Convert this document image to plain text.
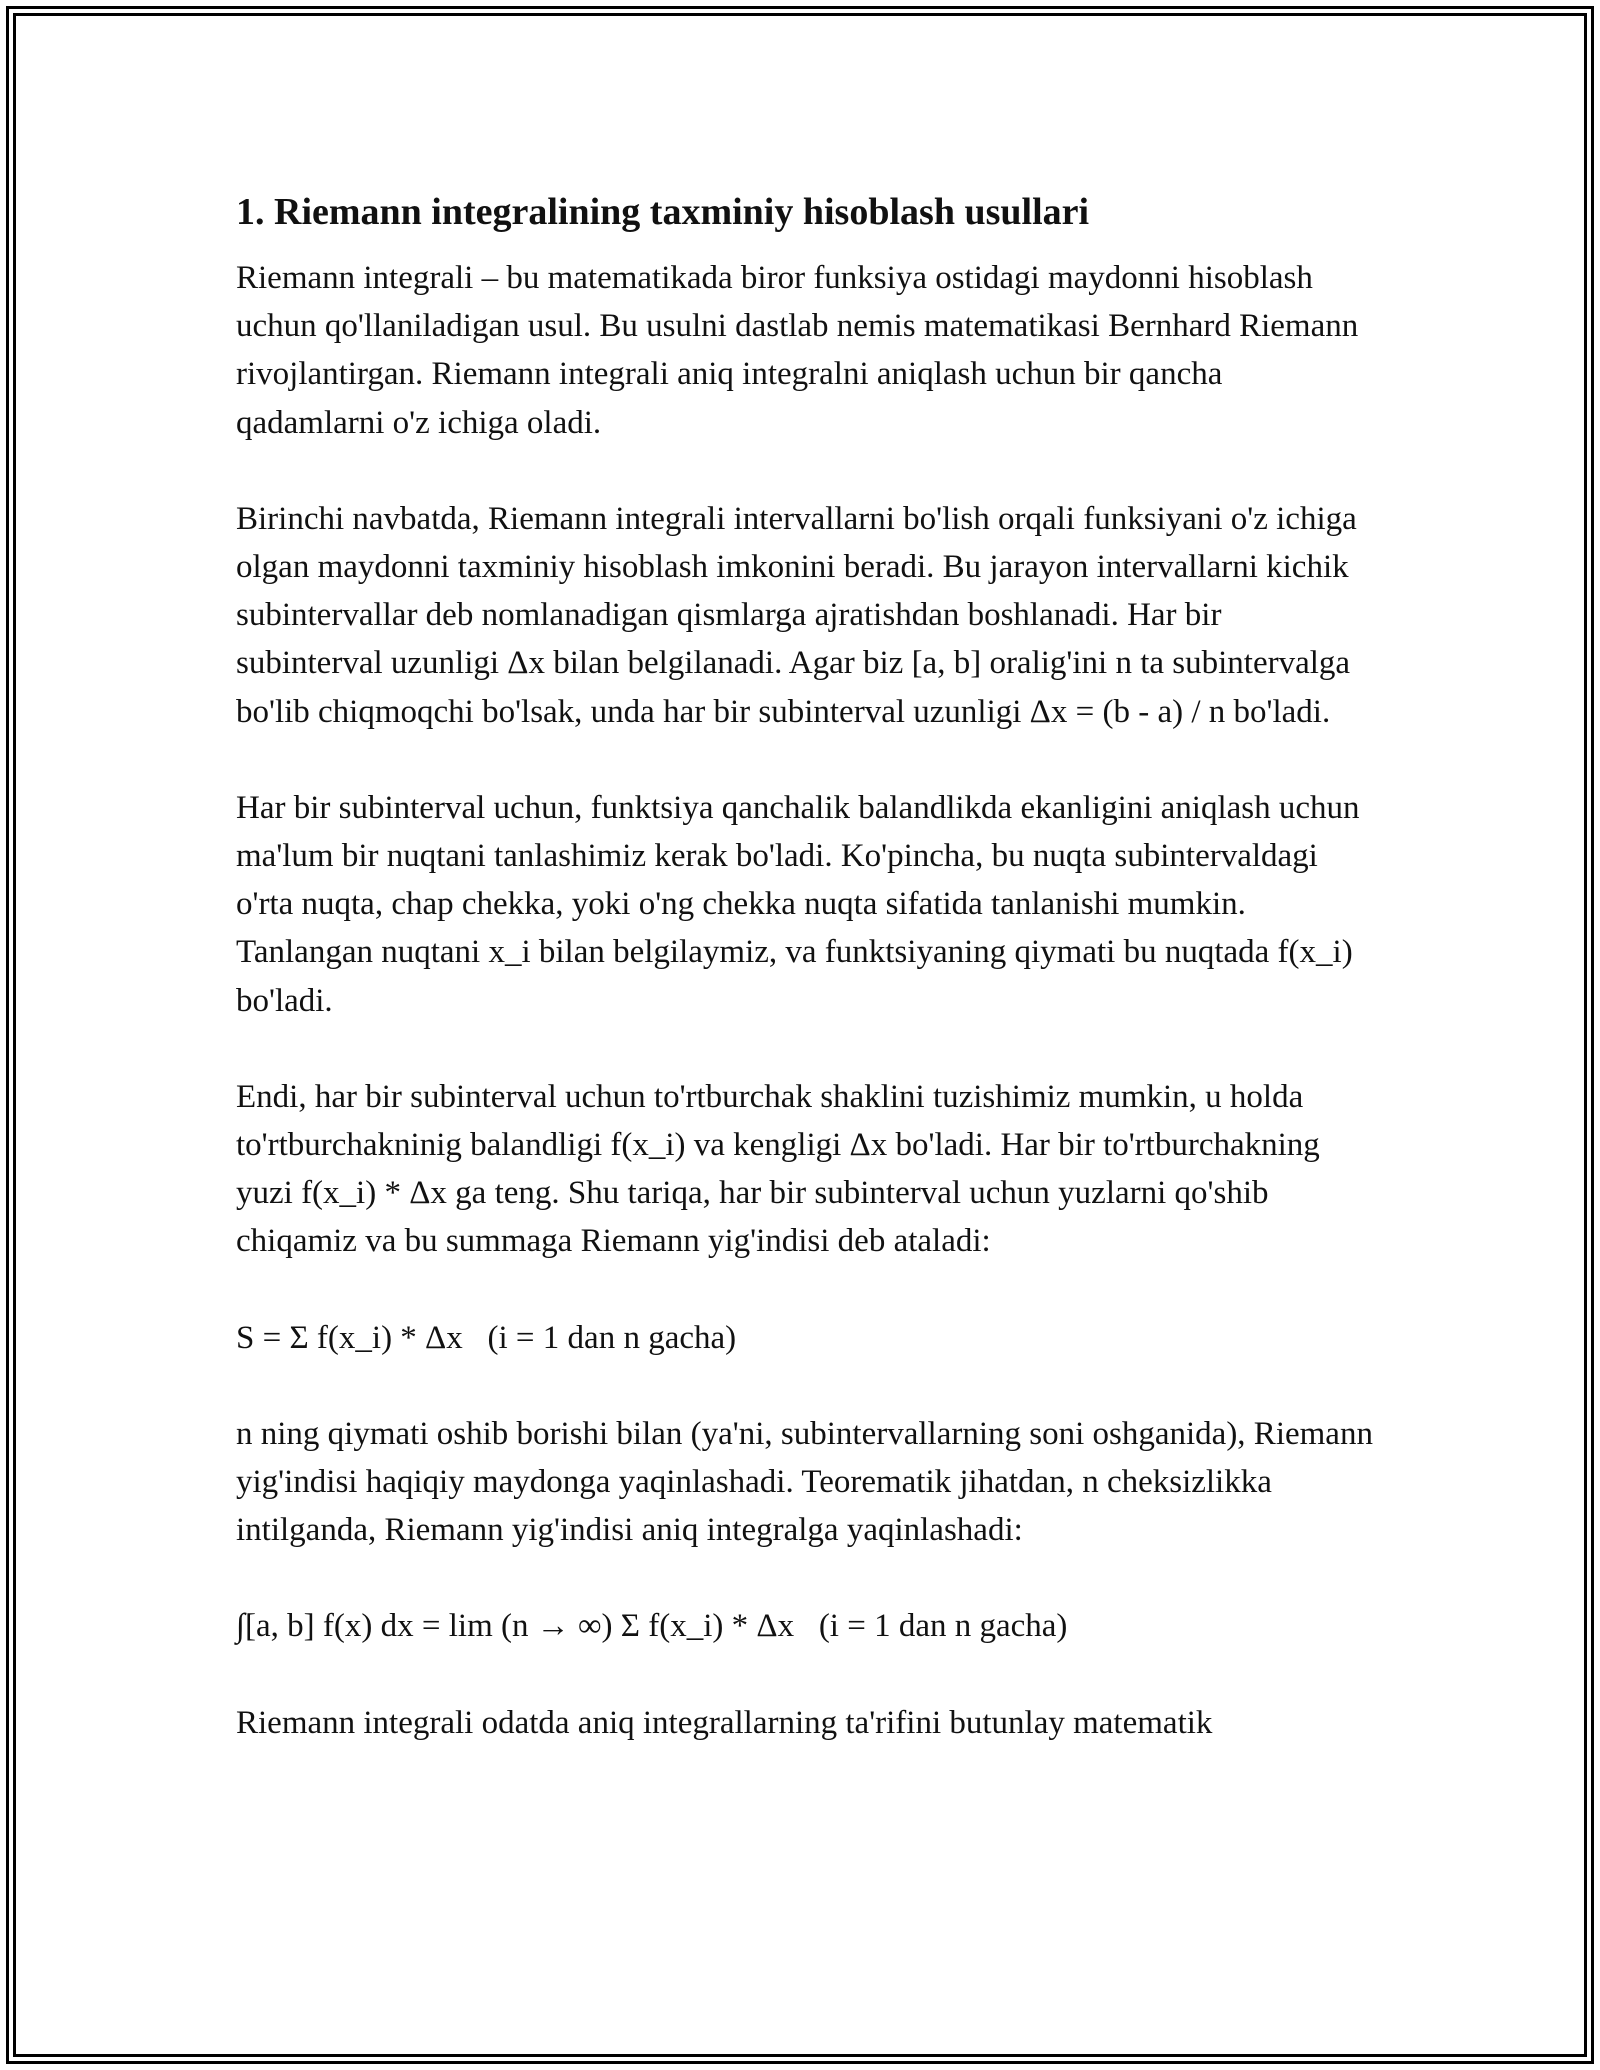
1. Riemann integralining taxminiy hisoblash usullari

Riemann integrali – bu matematikada biror funksiya ostidagi maydonni hisoblash uchun qo'llaniladigan usul. Bu usulni dastlab nemis matematikasi Bernhard Riemann rivojlantirgan. Riemann integrali aniq integralni aniqlash uchun bir qancha qadamlarni o'z ichiga oladi.

Birinchi navbatda, Riemann integrali intervallarni bo'lish orqali funksiyani o'z ichiga olgan maydonni taxminiy hisoblash imkonini beradi. Bu jarayon intervallarni kichik subintervallar deb nomlanadigan qismlarga ajratishdan boshlanadi. Har bir subinterval uzunligi Δx bilan belgilanadi. Agar biz [a, b] oralig'ini n ta subintervalga bo'lib chiqmoqchi bo'lsak, unda har bir subinterval uzunligi Δx = (b - a) / n bo'ladi.

Har bir subinterval uchun, funktsiya qanchalik balandlikda ekanligini aniqlash uchun ma'lum bir nuqtani tanlashimiz kerak bo'ladi. Ko'pincha, bu nuqta subintervaldagi o'rta nuqta, chap chekka, yoki o'ng chekka nuqta sifatida tanlanishi mumkin. Tanlangan nuqtani x_i bilan belgilaymiz, va funktsiyaning qiymati bu nuqtada f(x_i) bo'ladi.

Endi, har bir subinterval uchun to'rtburchak shaklini tuzishimiz mumkin, u holda to'rtburchakninig balandligi f(x_i) va kengligi Δx bo'ladi. Har bir to'rtburchakning yuzi f(x_i) * Δx ga teng. Shu tariqa, har bir subinterval uchun yuzlarni qo'shib chiqamiz va bu summaga Riemann yig'indisi deb ataladi:

S = Σ f(x_i) * Δx   (i = 1 dan n gacha)

n ning qiymati oshib borishi bilan (ya'ni, subintervallarning soni oshganida), Riemann yig'indisi haqiqiy maydonga yaqinlashadi. Teorematik jihatdan, n cheksizlikka intilganda, Riemann yig'indisi aniq integralga yaqinlashadi:

∫[a, b] f(x) dx = lim (n → ∞) Σ f(x_i) * Δx   (i = 1 dan n gacha)

Riemann integrali odatda aniq integrallarning ta'rifini butunlay matematik
